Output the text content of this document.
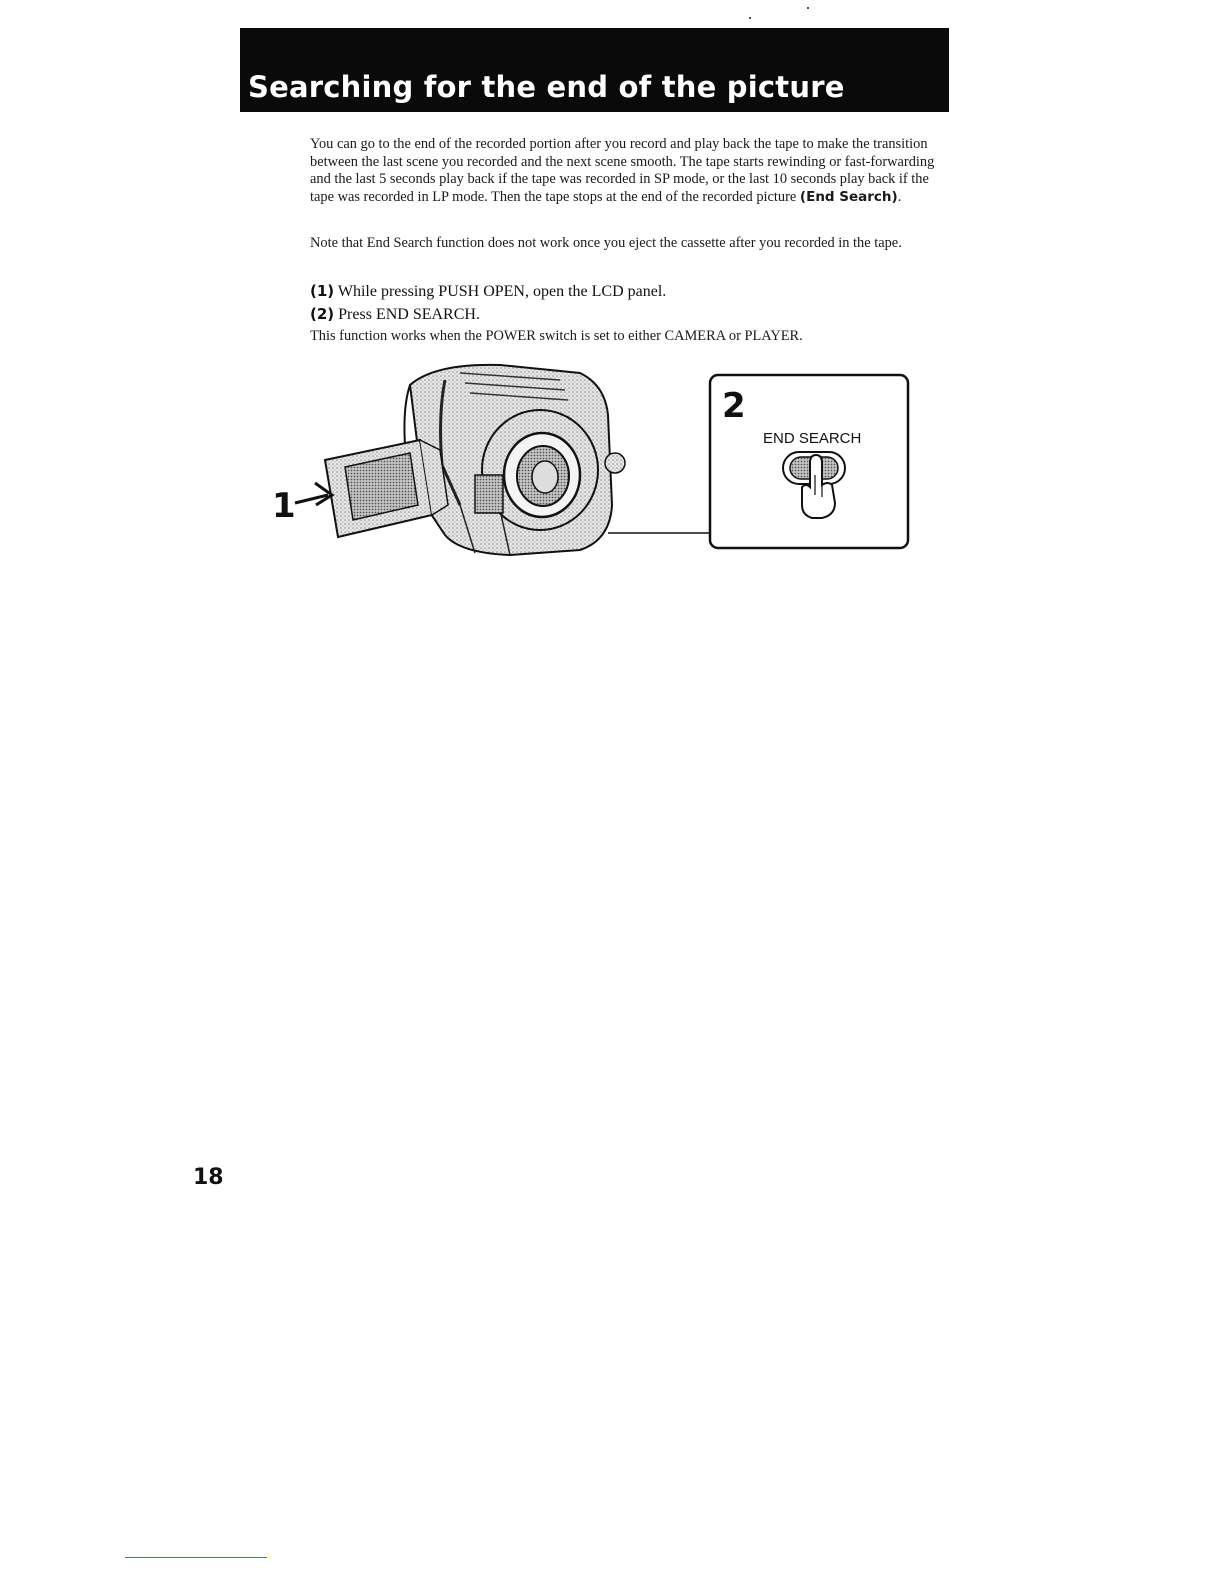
Searching for the end of the picture
You can go to the end of the recorded portion after you record and play back the tape to make the transition between the last scene you recorded and the next scene smooth. The tape starts rewinding or fast-forwarding and the last 5 seconds play back if the tape was recorded in SP mode, or the last 10 seconds play back if the tape was recorded in LP mode. Then the tape stops at the end of the recorded picture (End Search).
Note that End Search function does not work once you eject the cassette after you recorded in the tape.
(1) While pressing PUSH OPEN, open the LCD panel.
(2) Press END SEARCH.
This function works when the POWER switch is set to either CAMERA or PLAYER.
1
2
END SEARCH
18
